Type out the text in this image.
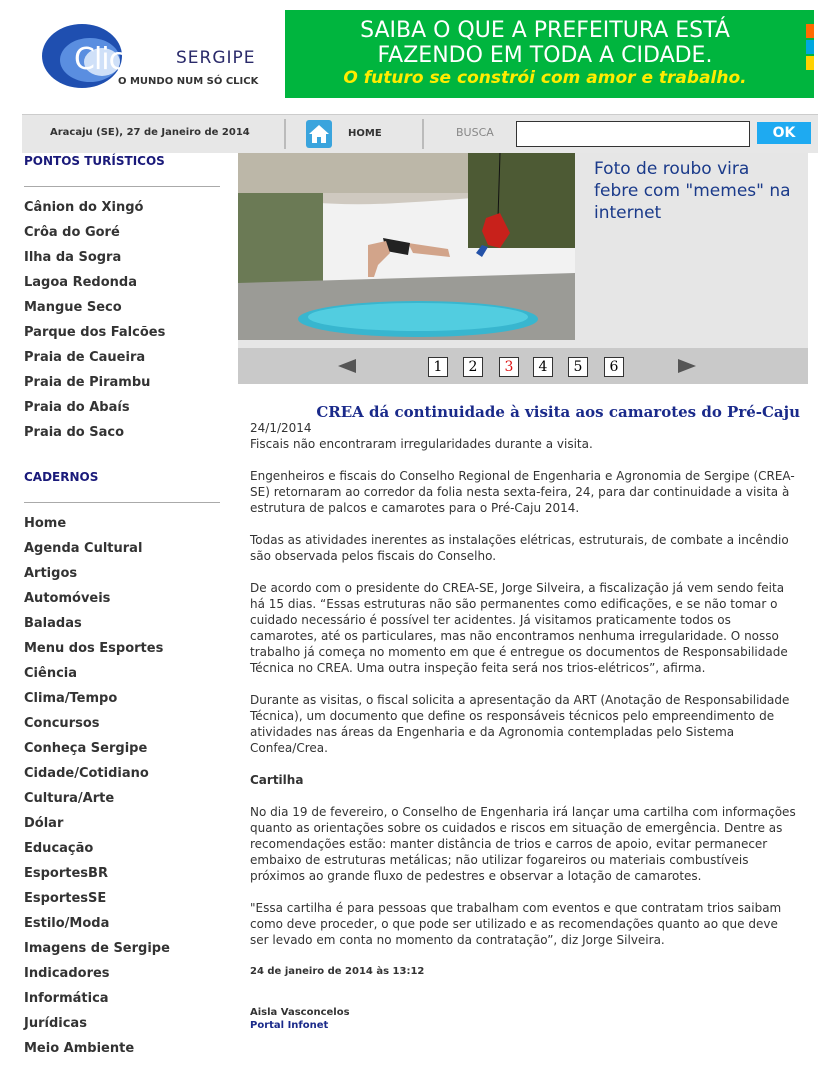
Click SERGIPE
O MUNDO NUM SÓ CLICK
SAIBA O QUE A PREFEITURA ESTÁ
FAZENDO EM TODA A CIDADE.
O futuro se constrói com amor e trabalho.
Aracaju (SE), 27 de Janeiro de 2014	HOME	BUSCA	OK
PONTOS TURÍSTICOS
Cânion do Xingó
Crôa do Goré
Ilha da Sogra
Lagoa Redonda
Mangue Seco
Parque dos Falcões
Praia de Caueira
Praia de Pirambu
Praia do Abaís
Praia do Saco
CADERNOS
Home
Agenda Cultural
Artigos
Automóveis
Baladas
Menu dos Esportes
Ciência
Clima/Tempo
Concursos
Conheça Sergipe
Cidade/Cotidiano
Cultura/Arte
Dólar
Educação
EsportesBR
EsportesSE
Estilo/Moda
Imagens de Sergipe
Indicadores
Informática
Jurídicas
Meio Ambiente
Foto de roubo vira febre com "memes" na internet
1	2	3	4	5	6
CREA dá continuidade à visita aos camarotes do Pré-Caju
24/1/2014
Fiscais não encontraram irregularidades durante a visita.

Engenheiros e fiscais do Conselho Regional de Engenharia e Agronomia de Sergipe (CREA-SE) retornaram ao corredor da folia nesta sexta-feira, 24, para dar continuidade a visita à estrutura de palcos e camarotes para o Pré-Caju 2014.

Todas as atividades inerentes as instalações elétricas, estruturais, de combate a incêndio são observada pelos fiscais do Conselho.

De acordo com o presidente do CREA-SE, Jorge Silveira, a fiscalização já vem sendo feita há 15 dias. “Essas estruturas não são permanentes como edificações, e se não tomar o cuidado necessário é possível ter acidentes. Já visitamos praticamente todos os camarotes, até os particulares, mas não encontramos nenhuma irregularidade. O nosso trabalho já começa no momento em que é entregue os documentos de Responsabilidade Técnica no CREA. Uma outra inspeção feita será nos trios-elétricos”, afirma.

Durante as visitas, o fiscal solicita a apresentação da ART (Anotação de Responsabilidade Técnica), um documento que define os responsáveis técnicos pelo empreendimento de atividades nas áreas da Engenharia e da Agronomia contempladas pelo Sistema Confea/Crea.

Cartilha

No dia 19 de fevereiro, o Conselho de Engenharia irá lançar uma cartilha com informações quanto as orientações sobre os cuidados e riscos em situação de emergência. Dentre as recomendações estão: manter distância de trios e carros de apoio, evitar permanecer embaixo de estruturas metálicas; não utilizar fogareiros ou materiais combustíveis próximos ao grande fluxo de pedestres e observar a lotação de camarotes.

"Essa cartilha é para pessoas que trabalham com eventos e que contratam trios saibam como deve proceder, o que pode ser utilizado e as recomendações quanto ao que deve ser levado em conta no momento da contratação”, diz Jorge Silveira.

24 de janeiro de 2014 às 13:12
Aisla Vasconcelos
Portal Infonet
